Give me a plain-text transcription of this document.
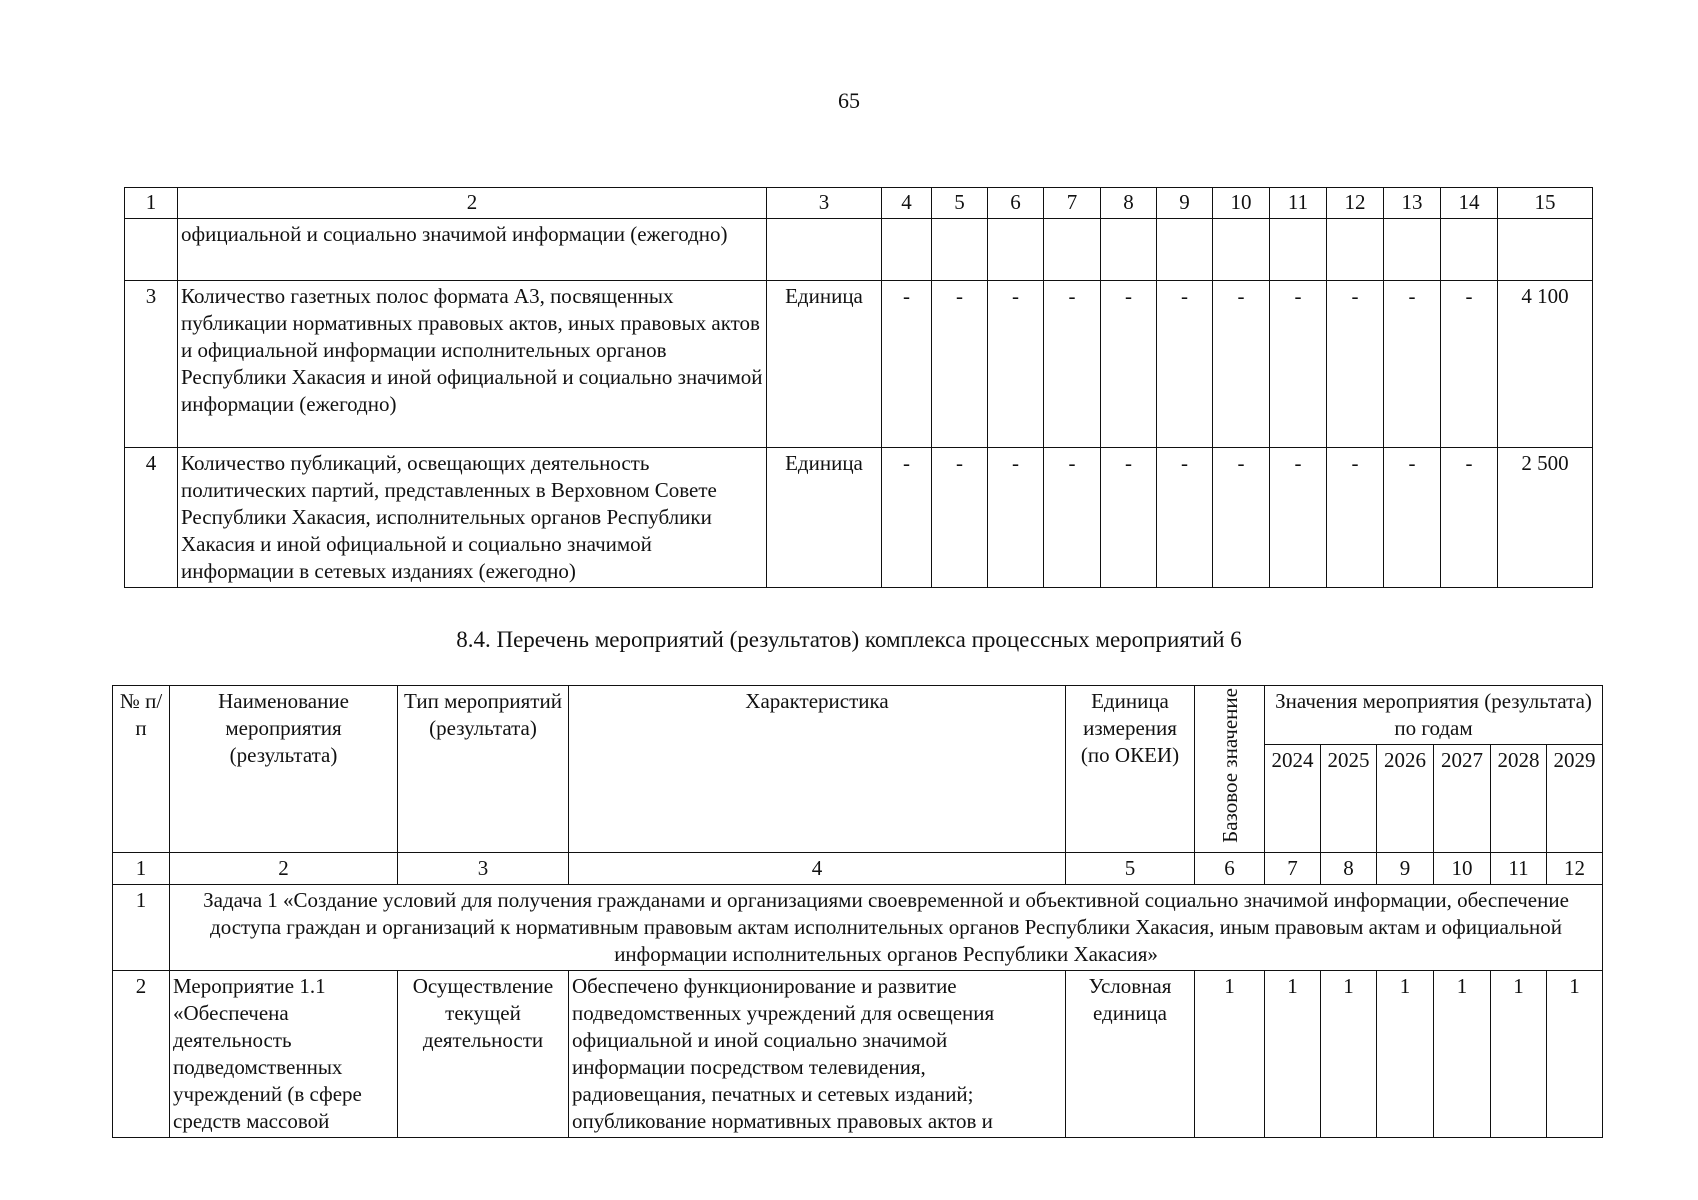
65
1	2	3	4	5	6	7	8	9	10	11	12	13	14	15
	официальной и социально значимой информации (ежегодно)													
3	Количество газетных полос формата А3, посвященных публикации нормативных правовых актов, иных правовых актов и официальной информации исполнительных органов Республики Хакасия и иной официальной и социально значимой информации (ежегодно)	Единица	-	-	-	-	-	-	-	-	-	-	-	4 100
4	Количество публикаций, освещающих деятельность политических партий, представленных в Верховном Совете Республики Хакасия, исполнительных органов Республики Хакасия и иной официальной и социально значимой информации в сетевых изданиях (ежегодно)	Единица	-	-	-	-	-	-	-	-	-	-	-	2 500
8.4. Перечень мероприятий (результатов) комплекса процессных мероприятий 6
№ п/п	Наименование мероприятия (результата)	Тип мероприятий (результата)	Характеристика	Единица измерения (по ОКЕИ)	Базовое значение	Значения мероприятия (результата) по годам					
						2024	2025	2026	2027	2028	2029
1	2	3	4	5	6	7	8	9	10	11	12
1	Задача 1 «Создание условий для получения гражданами и организациями своевременной и объективной социально значимой информации, обеспечение доступа граждан и организаций к нормативным правовым актам исполнительных органов Республики Хакасия, иным правовым актам и официальной информации исполнительных органов Республики Хакасия»										
2	Мероприятие 1.1 «Обеспечена деятельность подведомственных учреждений (в сфере средств массовой	Осуществление текущей деятельности	Обеспечено функционирование и развитие подведомственных учреждений для освещения официальной и иной социально значимой информации посредством телевидения, радиовещания, печатных и сетевых изданий; опубликование нормативных правовых актов и	Условная единица	1	1	1	1	1	1	1
